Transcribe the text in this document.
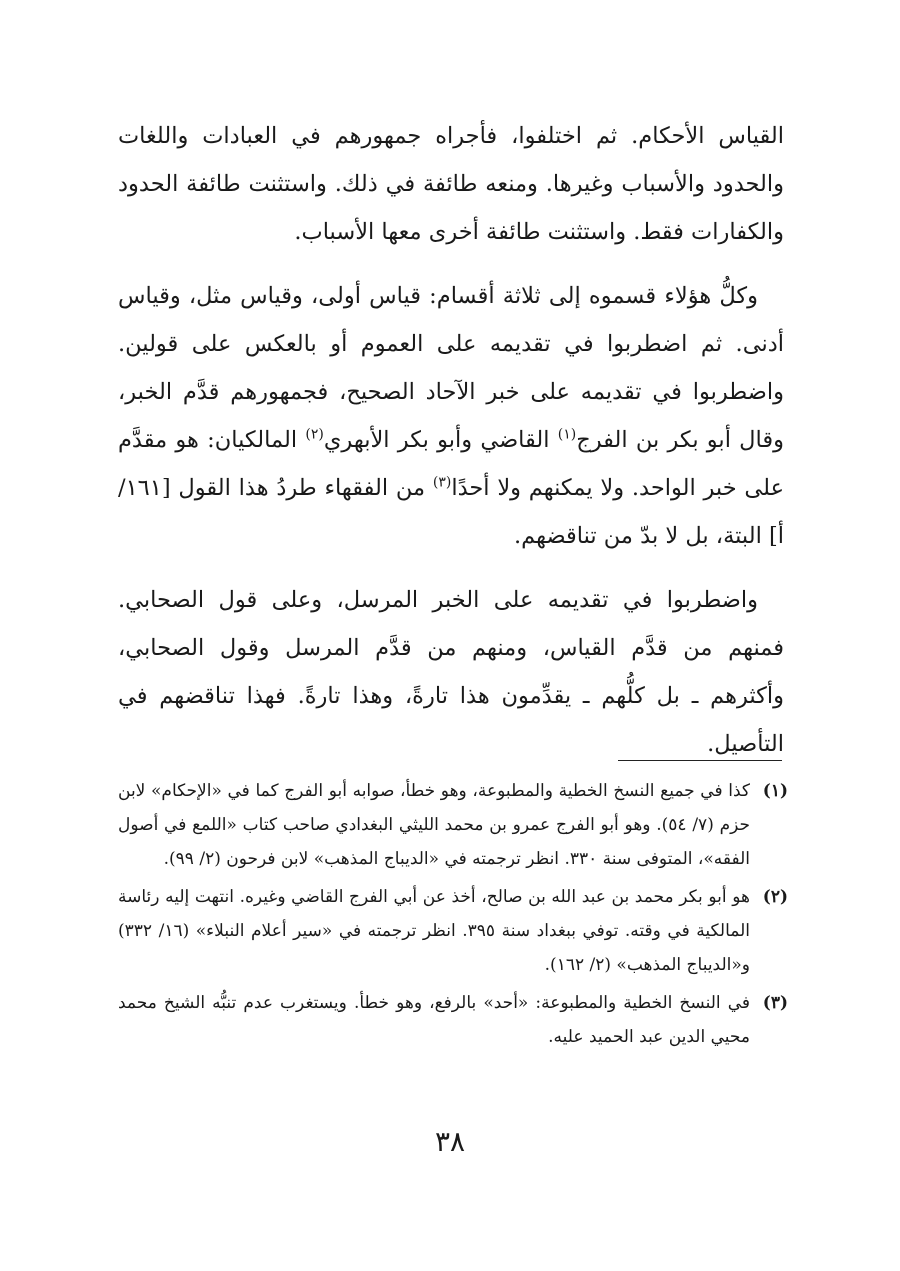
القياس الأحكام. ثم اختلفوا، فأجراه جمهورهم في العبادات واللغات والحدود والأسباب وغيرها. ومنعه طائفة في ذلك. واستثنت طائفة الحدود والكفارات فقط. واستثنت طائفة أخرى معها الأسباب.

وكلُّ هؤلاء قسموه إلى ثلاثة أقسام: قياس أولى، وقياس مثل، وقياس أدنى. ثم اضطربوا في تقديمه على العموم أو بالعكس على قولين. واضطربوا في تقديمه على خبر الآحاد الصحيح، فجمهورهم قدَّم الخبر، وقال أبو بكر بن الفرج$^{(١)}$ القاضي وأبو بكر الأبهري$^{(٢)}$ المالكيان: هو مقدَّم على خبر الواحد. ولا يمكنهم ولا أحدًا$^{(٣)}$ من الفقهاء طردُ هذا القول [١٦١/أ] البتة، بل لا بدّ من تناقضهم.

واضطربوا في تقديمه على الخبر المرسل، وعلى قول الصحابي. فمنهم من قدَّم القياس، ومنهم من قدَّم المرسل وقول الصحابي، وأكثرهم ـ بل كلُّهم ـ يقدِّمون هذا تارةً، وهذا تارةً. فهذا تناقضهم في التأصيل.

(١)
كذا في جميع النسخ الخطية والمطبوعة، وهو خطأ، صوابه أبو الفرج كما في «الإحكام» لابن حزم (٧/ ٥٤). وهو أبو الفرج عمرو بن محمد الليثي البغدادي صاحب كتاب «اللمع في أصول الفقه»، المتوفى سنة ٣٣٠. انظر ترجمته في «الديباج المذهب» لابن فرحون (٢/ ٩٩).
(٢)
هو أبو بكر محمد بن عبد الله بن صالح، أخذ عن أبي الفرج القاضي وغيره. انتهت إليه رئاسة المالكية في وقته. توفي ببغداد سنة ٣٩٥. انظر ترجمته في «سير أعلام النبلاء» (١٦/ ٣٣٢) و«الديباج المذهب» (٢/ ١٦٢).
(٣)
في النسخ الخطية والمطبوعة: «أحد» بالرفع، وهو خطأ. ويستغرب عدم تنبُّه الشيخ محمد محيي الدين عبد الحميد عليه.
٣٨
